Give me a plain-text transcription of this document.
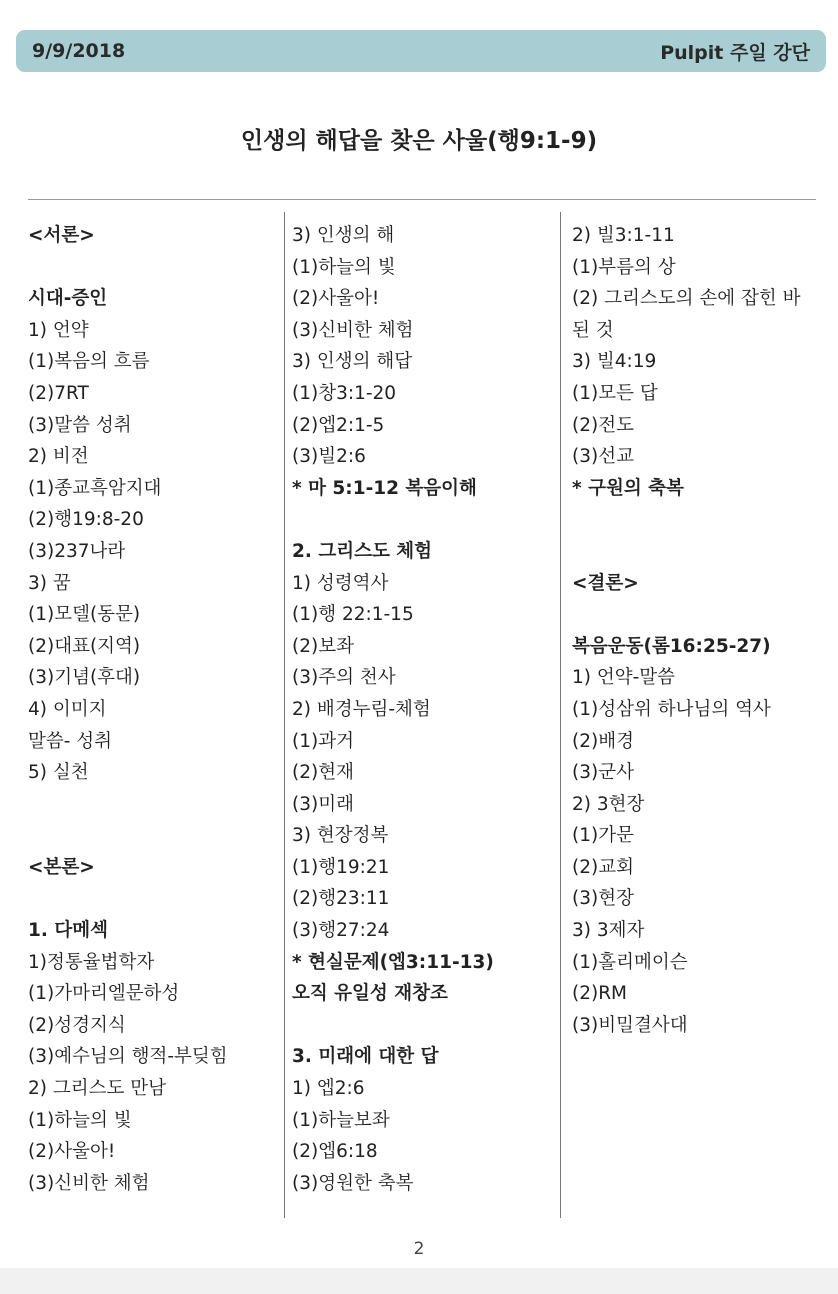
9/9/2018	Pulpit 주일 강단
인생의 해답을 찾은 사울(행9:1-9)
<서론>
시대-증인
1) 언약
(1)복음의 흐름
(2)7RT
(3)말씀 성취
2) 비전
(1)종교흑암지대
(2)행19:8-20
(3)237나라
3) 꿈
(1)모델(동문)
(2)대표(지역)
(3)기념(후대)
4) 이미지
말씀- 성취
5) 실천
<본론>
1. 다메섹
1)정통율법학자
(1)가마리엘문하성
(2)성경지식
(3)예수님의 행적-부딪힘
2) 그리스도 만남
(1)하늘의 빛
(2)사울아!
(3)신비한 체험
3) 인생의 해
(1)하늘의 빛
(2)사울아!
(3)신비한 체험
3) 인생의 해답
(1)창3:1-20
(2)엡2:1-5
(3)빌2:6
* 마 5:1-12 복음이해
2. 그리스도 체험
1) 성령역사
(1)행 22:1-15
(2)보좌
(3)주의 천사
2) 배경누림-체험
(1)과거
(2)현재
(3)미래
3) 현장정복
(1)행19:21
(2)행23:11
(3)행27:24
* 현실문제(엡3:11-13)
오직 유일성 재창조
3. 미래에 대한 답
1) 엡2:6
(1)하늘보좌
(2)엡6:18
(3)영원한 축복
2) 빌3:1-11
(1)부름의 상
(2) 그리스도의 손에 잡힌 바
된 것
3) 빌4:19
(1)모든 답
(2)전도
(3)선교
* 구원의 축복
<결론>
복음운동(롬16:25-27)
1) 언약-말씀
(1)성삼위 하나님의 역사
(2)배경
(3)군사
2) 3현장
(1)가문
(2)교회
(3)현장
3) 3제자
(1)홀리메이슨
(2)RM
(3)비밀결사대
2
